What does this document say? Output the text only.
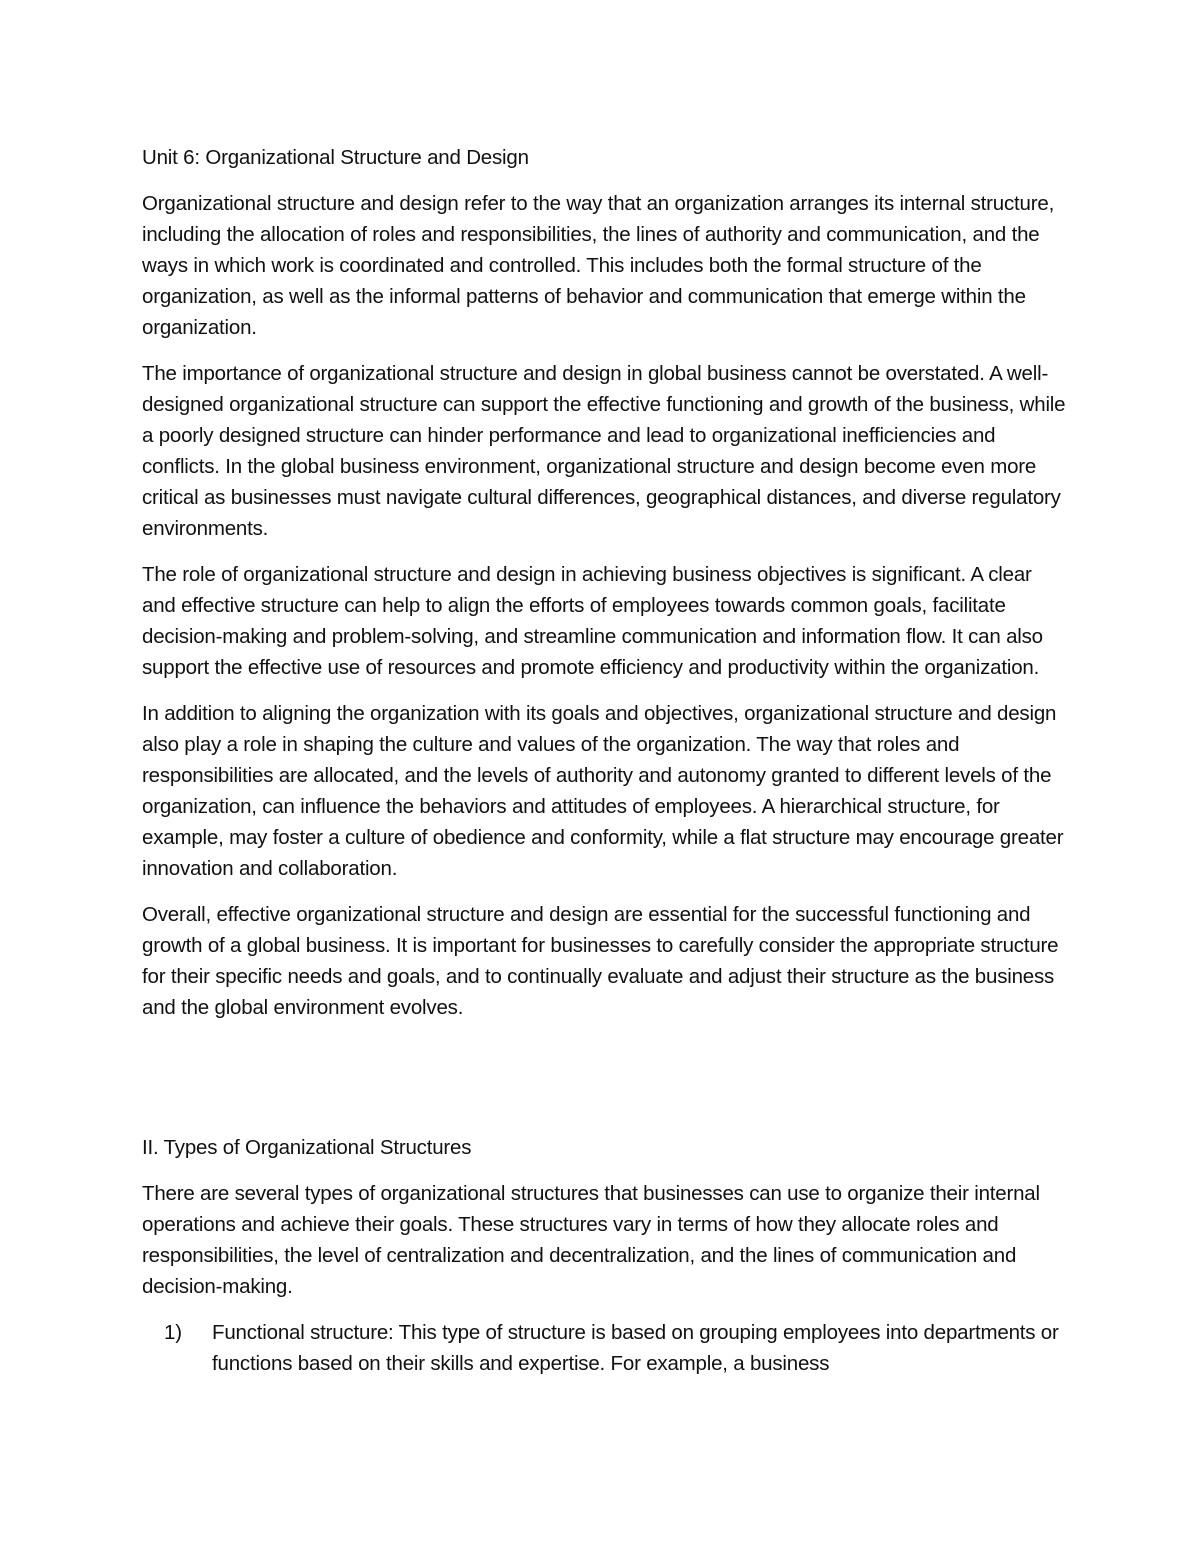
Unit 6: Organizational Structure and Design

Organizational structure and design refer to the way that an organization arranges its internal structure, including the allocation of roles and responsibilities, the lines of authority and communication, and the ways in which work is coordinated and controlled. This includes both the formal structure of the organization, as well as the informal patterns of behavior and communication that emerge within the organization.

The importance of organizational structure and design in global business cannot be overstated. A well-designed organizational structure can support the effective functioning and growth of the business, while a poorly designed structure can hinder performance and lead to organizational inefficiencies and conflicts. In the global business environment, organizational structure and design become even more critical as businesses must navigate cultural differences, geographical distances, and diverse regulatory environments.

The role of organizational structure and design in achieving business objectives is significant. A clear and effective structure can help to align the efforts of employees towards common goals, facilitate decision-making and problem-solving, and streamline communication and information flow. It can also support the effective use of resources and promote efficiency and productivity within the organization.

In addition to aligning the organization with its goals and objectives, organizational structure and design also play a role in shaping the culture and values of the organization. The way that roles and responsibilities are allocated, and the levels of authority and autonomy granted to different levels of the organization, can influence the behaviors and attitudes of employees. A hierarchical structure, for example, may foster a culture of obedience and conformity, while a flat structure may encourage greater innovation and collaboration.

Overall, effective organizational structure and design are essential for the successful functioning and growth of a global business. It is important for businesses to carefully consider the appropriate structure for their specific needs and goals, and to continually evaluate and adjust their structure as the business and the global environment evolves.

II. Types of Organizational Structures

There are several types of organizational structures that businesses can use to organize their internal operations and achieve their goals. These structures vary in terms of how they allocate roles and responsibilities, the level of centralization and decentralization, and the lines of communication and decision-making.

1) Functional structure: This type of structure is based on grouping employees into departments or functions based on their skills and expertise. For example, a business
